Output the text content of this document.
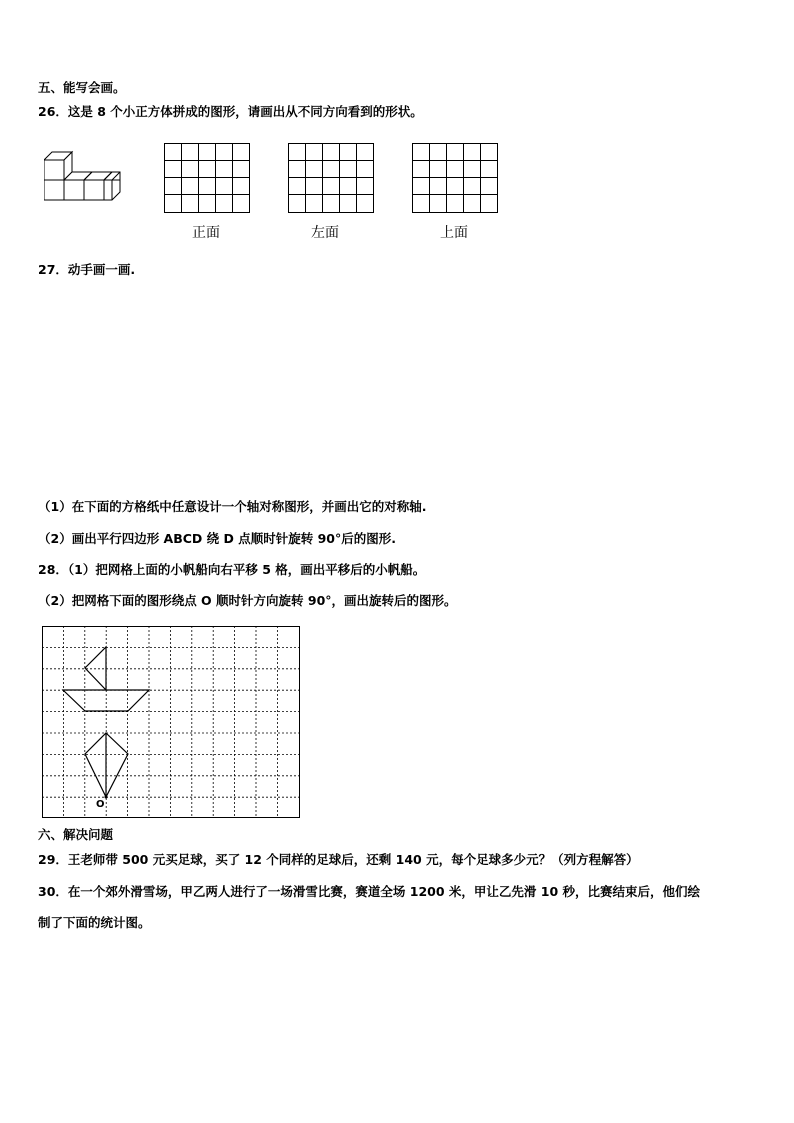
五、能写会画。
26．这是 8 个小正方体拼成的图形，请画出从不同方向看到的形状。
正面	左面	上面
27．动手画一画.
（1）在下面的方格纸中任意设计一个轴对称图形，并画出它的对称轴.
（2）画出平行四边形 ABCD 绕 D 点顺时针旋转 90°后的图形.
28．（1）把网格上面的小帆船向右平移 5 格，画出平移后的小帆船。
（2）把网格下面的图形绕点 O 顺时针方向旋转 90°，画出旋转后的图形。
O
六、解决问题
29．王老师带 500 元买足球，买了 12 个同样的足球后，还剩 140 元，每个足球多少元？（列方程解答）
30．在一个郊外滑雪场，甲乙两人进行了一场滑雪比赛，赛道全场 1200 米，甲让乙先滑 10 秒，比赛结束后，他们绘
制了下面的统计图。
